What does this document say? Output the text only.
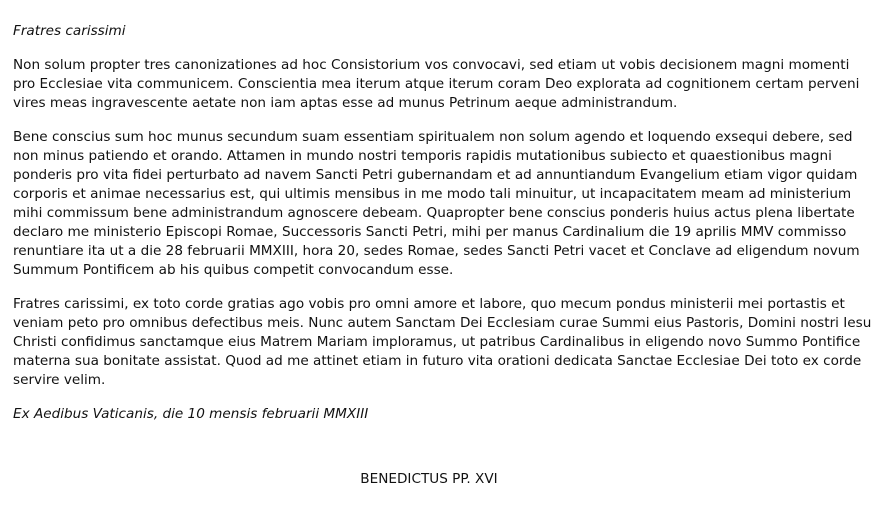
Fratres carissimi

Non solum propter tres canonizationes ad hoc Consistorium vos convocavi, sed etiam ut vobis decisionem magni momenti pro Ecclesiae vita communicem. Conscientia mea iterum atque iterum coram Deo explorata ad cognitionem certam perveni vires meas ingravescente aetate non iam aptas esse ad munus Petrinum aeque administrandum.

Bene conscius sum hoc munus secundum suam essentiam spiritualem non solum agendo et loquendo exsequi debere, sed non minus patiendo et orando. Attamen in mundo nostri temporis rapidis mutationibus subiecto et quaestionibus magni ponderis pro vita fidei perturbato ad navem Sancti Petri gubernandam et ad annuntiandum Evangelium etiam vigor quidam corporis et animae necessarius est, qui ultimis mensibus in me modo tali minuitur, ut incapacitatem meam ad ministerium mihi commissum bene administrandum agnoscere debeam. Quapropter bene conscius ponderis huius actus plena libertate declaro me ministerio Episcopi Romae, Successoris Sancti Petri, mihi per manus Cardinalium die 19 aprilis MMV commisso renuntiare ita ut a die 28 februarii MMXIII, hora 20, sedes Romae, sedes Sancti Petri vacet et Conclave ad eligendum novum Summum Pontificem ab his quibus competit convocandum esse.

Fratres carissimi, ex toto corde gratias ago vobis pro omni amore et labore, quo mecum pondus ministerii mei portastis et veniam peto pro omnibus defectibus meis. Nunc autem Sanctam Dei Ecclesiam curae Summi eius Pastoris, Domini nostri Iesu Christi confidimus sanctamque eius Matrem Mariam imploramus, ut patribus Cardinalibus in eligendo novo Summo Pontifice materna sua bonitate assistat. Quod ad me attinet etiam in futuro vita orationi dedicata Sanctae Ecclesiae Dei toto ex corde servire velim.

Ex Aedibus Vaticanis, die 10 mensis februarii MMXIII

BENEDICTUS PP. XVI
